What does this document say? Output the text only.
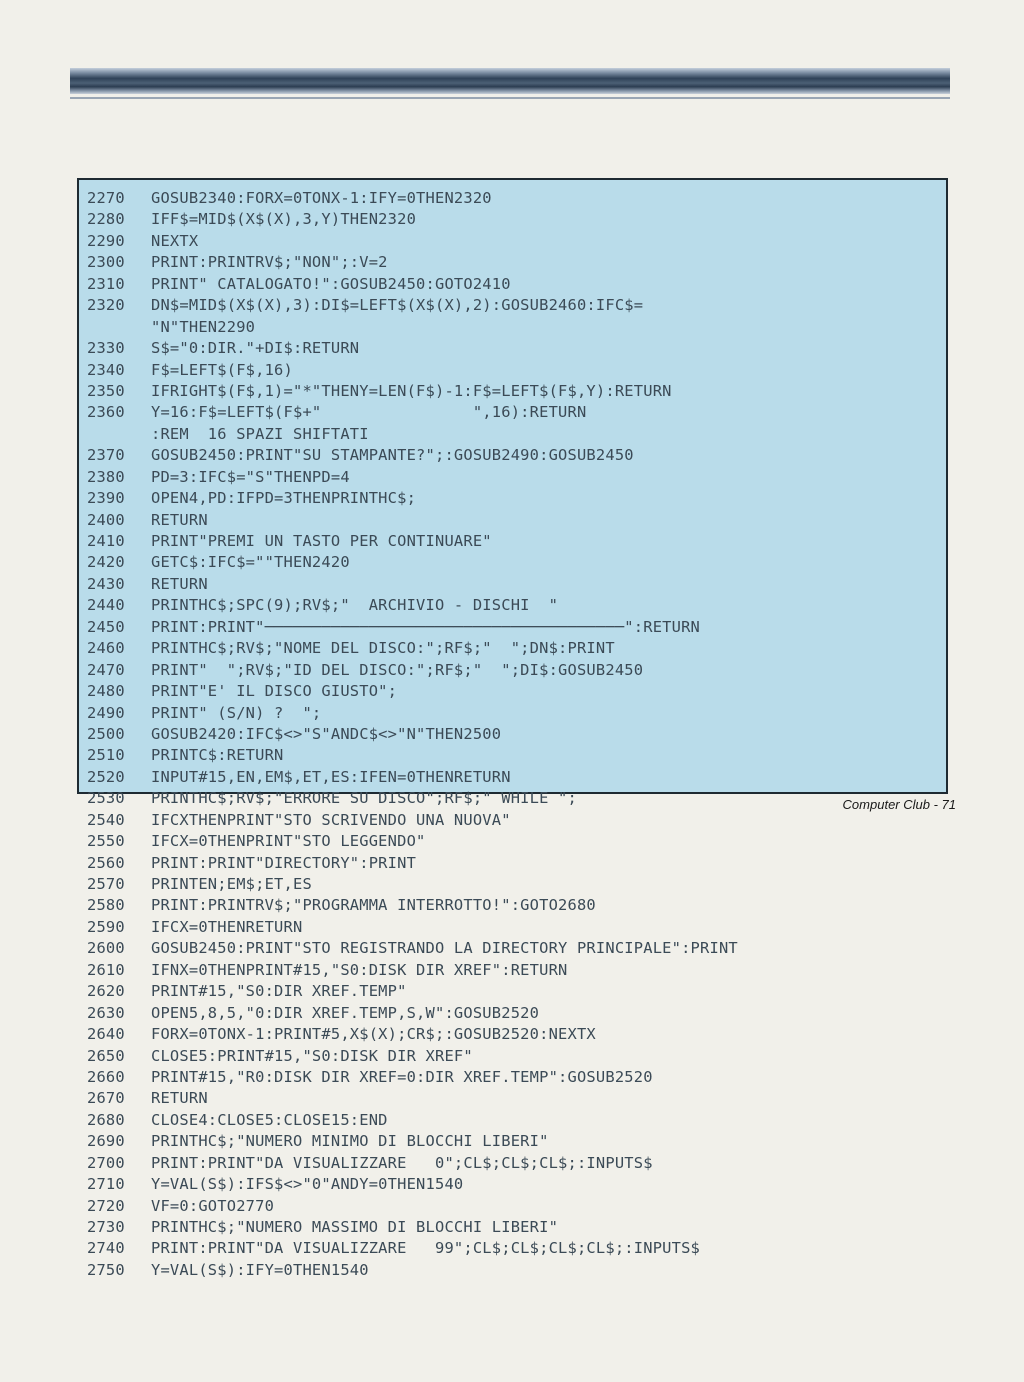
2270	GOSUB2340:FORX=0TONX-1:IFY=0THEN2320
2280	IFF$=MID$(X$(X),3,Y)THEN2320
2290	NEXTX
2300	PRINT:PRINTRV$;"NON";:V=2
2310	PRINT" CATALOGATO!":GOSUB2450:GOTO2410
2320	DN$=MID$(X$(X),3):DI$=LEFT$(X$(X),2):GOSUB2460:IFC$=
"N"THEN2290
2330	S$="0:DIR."+DI$:RETURN
2340	F$=LEFT$(F$,16)
2350	IFRIGHT$(F$,1)="*"THENY=LEN(F$)-1:F$=LEFT$(F$,Y):RETURN
2360	Y=16:F$=LEFT$(F$+"                ",16):RETURN
:REM  16 SPAZI SHIFTATI
2370	GOSUB2450:PRINT"SU STAMPANTE?";:GOSUB2490:GOSUB2450
2380	PD=3:IFC$="S"THENPD=4
2390	OPEN4,PD:IFPD=3THENPRINTHC$;
2400	RETURN
2410	PRINT"PREMI UN TASTO PER CONTINUARE"
2420	GETC$:IFC$=""THEN2420
2430	RETURN
2440	PRINTHC$;SPC(9);RV$;"  ARCHIVIO - DISCHI  "
2450	PRINT:PRINT"──────────────────────────────────────":RETURN
2460	PRINTHC$;RV$;"NOME DEL DISCO:";RF$;"  ";DN$:PRINT
2470	PRINT"  ";RV$;"ID DEL DISCO:";RF$;"  ";DI$:GOSUB2450
2480	PRINT"E' IL DISCO GIUSTO";
2490	PRINT" (S/N) ?  ";
2500	GOSUB2420:IFC$<>"S"ANDC$<>"N"THEN2500
2510	PRINTC$:RETURN
2520	INPUT#15,EN,EM$,ET,ES:IFEN=0THENRETURN
2530	PRINTHC$;RV$;"ERRORE SU DISCO";RF$;" WHILE ";
2540	IFCXTHENPRINT"STO SCRIVENDO UNA NUOVA"
2550	IFCX=0THENPRINT"STO LEGGENDO"
2560	PRINT:PRINT"DIRECTORY":PRINT
2570	PRINTEN;EM$;ET,ES
2580	PRINT:PRINTRV$;"PROGRAMMA INTERROTTO!":GOTO2680
2590	IFCX=0THENRETURN
2600	GOSUB2450:PRINT"STO REGISTRANDO LA DIRECTORY PRINCIPALE":PRINT
2610	IFNX=0THENPRINT#15,"S0:DISK DIR XREF":RETURN
2620	PRINT#15,"S0:DIR XREF.TEMP"
2630	OPEN5,8,5,"0:DIR XREF.TEMP,S,W":GOSUB2520
2640	FORX=0TONX-1:PRINT#5,X$(X);CR$;:GOSUB2520:NEXTX
2650	CLOSE5:PRINT#15,"S0:DISK DIR XREF"
2660	PRINT#15,"R0:DISK DIR XREF=0:DIR XREF.TEMP":GOSUB2520
2670	RETURN
2680	CLOSE4:CLOSE5:CLOSE15:END
2690	PRINTHC$;"NUMERO MINIMO DI BLOCCHI LIBERI"
2700	PRINT:PRINT"DA VISUALIZZARE   0";CL$;CL$;CL$;:INPUTS$
2710	Y=VAL(S$):IFS$<>"0"ANDY=0THEN1540
2720	VF=0:GOTO2770
2730	PRINTHC$;"NUMERO MASSIMO DI BLOCCHI LIBERI"
2740	PRINT:PRINT"DA VISUALIZZARE   99";CL$;CL$;CL$;CL$;:INPUTS$
2750	Y=VAL(S$):IFY=0THEN1540
Computer Club - 71
